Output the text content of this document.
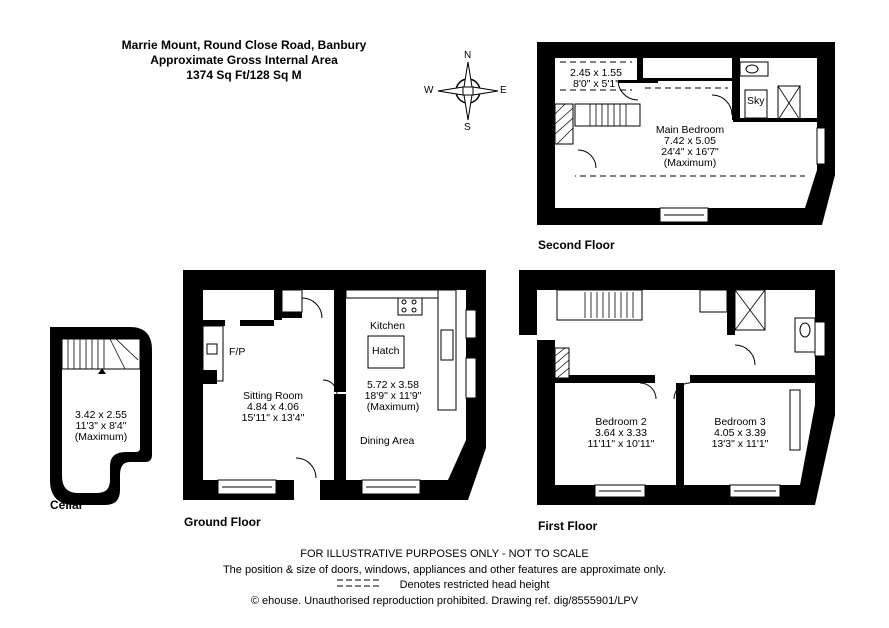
Marrie Mount, Round Close Road, Banbury
Approximate Gross Internal Area
1374 Sq Ft/128 Sq M
N
S
W	E
3.42 x 2.55
11'3" x 8'4"
(Maximum)
Cellar
F/P
Sitting Room
4.84 x 4.06
15'11" x 13'4"
Kitchen
Hatch
5.72 x 3.58
18'9" x 11'9"
(Maximum)
Dining Area
Ground Floor
Bedroom 2
3.64 x 3.33
11'11" x 10'11"
Bedroom 3
4.05 x 3.39
13'3" x 11'1"
First Floor
2.45 x 1.55
8'0" x 5'1"
Sky
Main Bedroom
7.42 x 5.05
24'4" x 16'7"
(Maximum)
Second Floor
FOR ILLUSTRATIVE PURPOSES ONLY - NOT TO SCALE
The position & size of doors, windows, appliances and other features are approximate only.
Denotes restricted head height
© ehouse. Unauthorised reproduction prohibited. Drawing ref. dig/8555901/LPV
